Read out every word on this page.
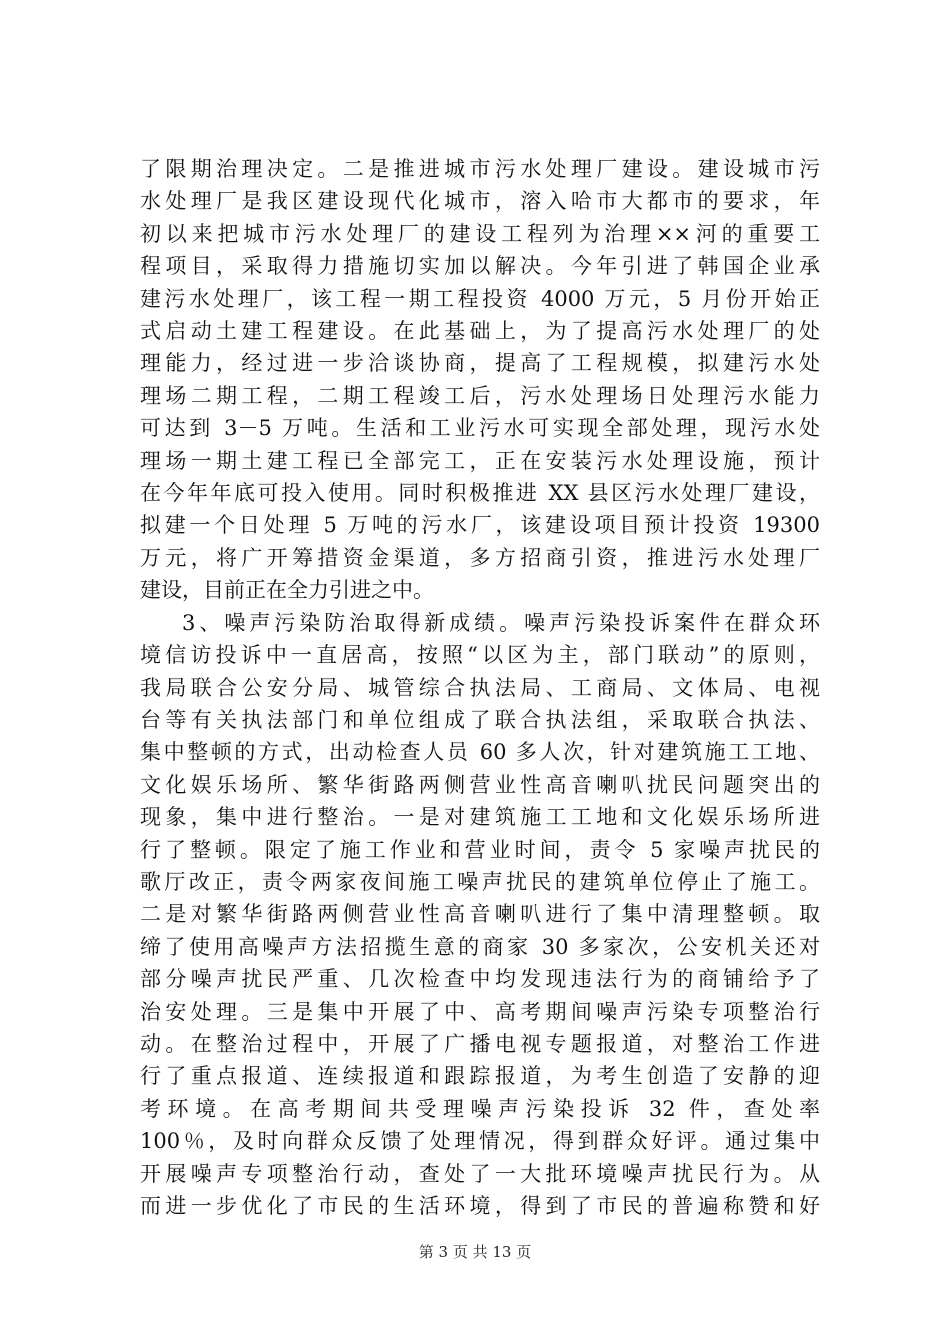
了限期治理决定。二是推进城市污水处理厂建设。建设城市污

水处理厂是我区建设现代化城市，溶入哈市大都市的要求，年

初以来把城市污水处理厂的建设工程列为治理××河的重要工

程项目，采取得力措施切实加以解决。今年引进了韩国企业承

建污水处理厂，该工程一期工程投资 4000 万元，5 月份开始正

式启动土建工程建设。在此基础上，为了提高污水处理厂的处

理能力，经过进一步洽谈协商，提高了工程规模，拟建污水处

理场二期工程，二期工程竣工后，污水处理场日处理污水能力

可达到 3－5 万吨。生活和工业污水可实现全部处理，现污水处

理场一期土建工程已全部完工，正在安装污水处理设施，预计

在今年年底可投入使用。同时积极推进 XX 县区污水处理厂建设，

拟建一个日处理 5 万吨的污水厂，该建设项目预计投资 19300

万元，将广开筹措资金渠道，多方招商引资，推进污水处理厂

建设，目前正在全力引进之中。

3、噪声污染防治取得新成绩。噪声污染投诉案件在群众环

境信访投诉中一直居高，按照“以区为主，部门联动”的原则，

我局联合公安分局、城管综合执法局、工商局、文体局、电视

台等有关执法部门和单位组成了联合执法组，采取联合执法、

集中整顿的方式，出动检查人员 60 多人次，针对建筑施工工地、

文化娱乐场所、繁华街路两侧营业性高音喇叭扰民问题突出的

现象，集中进行整治。一是对建筑施工工地和文化娱乐场所进

行了整顿。限定了施工作业和营业时间，责令 5 家噪声扰民的

歌厅改正，责令两家夜间施工噪声扰民的建筑单位停止了施工。

二是对繁华街路两侧营业性高音喇叭进行了集中清理整顿。取

缔了使用高噪声方法招揽生意的商家 30 多家次，公安机关还对

部分噪声扰民严重、几次检查中均发现违法行为的商铺给予了

治安处理。三是集中开展了中、高考期间噪声污染专项整治行

动。在整治过程中，开展了广播电视专题报道，对整治工作进

行了重点报道、连续报道和跟踪报道，为考生创造了安静的迎

考环境。在高考期间共受理噪声污染投诉 32 件，查处率

100％，及时向群众反馈了处理情况，得到群众好评。通过集中

开展噪声专项整治行动，查处了一大批环境噪声扰民行为。从

而进一步优化了市民的生活环境，得到了市民的普遍称赞和好

第 3 页 共 13 页
